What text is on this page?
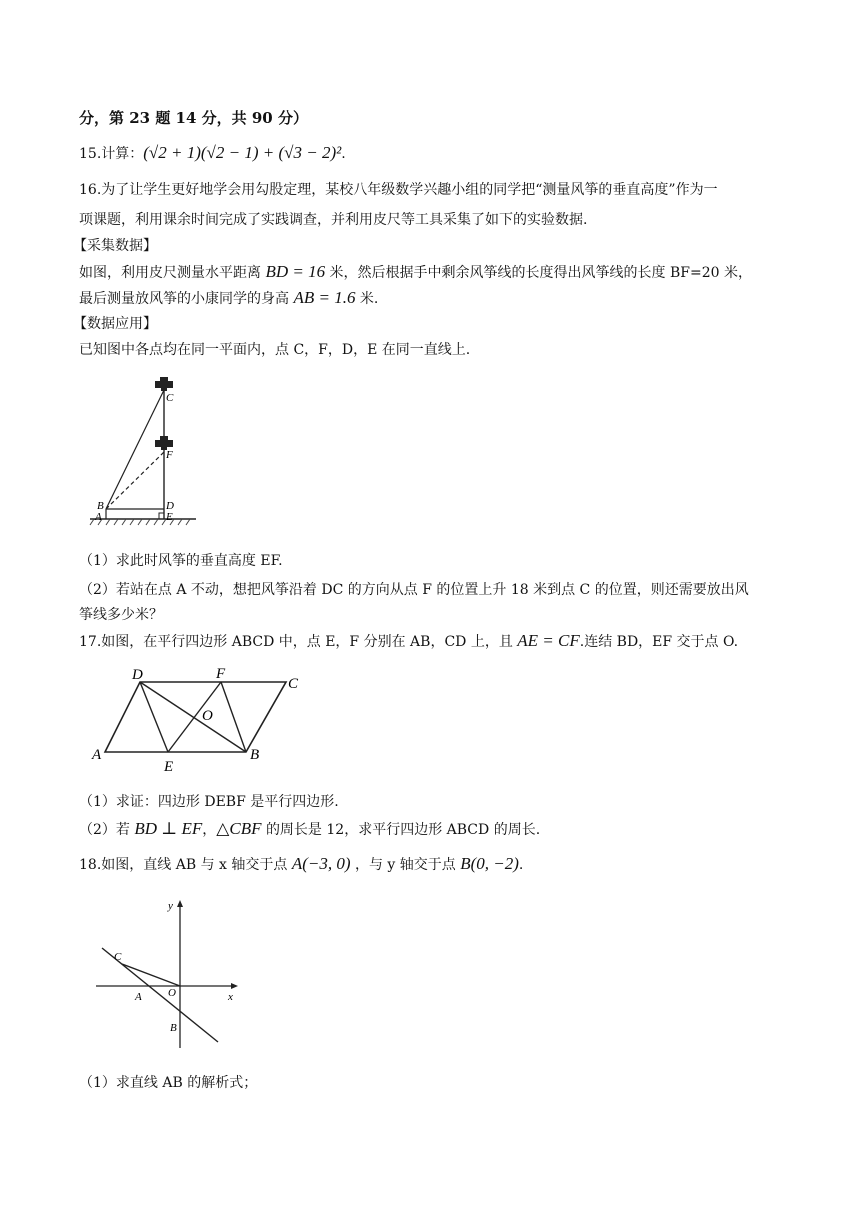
分，第 23 题 14 分，共 90 分）
15.计算：(√2 + 1)(√2 − 1) + (√3 − 2)².
16.为了让学生更好地学会用勾股定理，某校八年级数学兴趣小组的同学把“测量风筝的垂直高度”作为一
项课题，利用课余时间完成了实践调查，并利用皮尺等工具采集了如下的实验数据.
【采集数据】
如图，利用皮尺测量水平距离 BD = 16 米，然后根据手中剩余风筝线的长度得出风筝线的长度 BF=20 米，
最后测量放风筝的小康同学的身高 AB = 1.6 米.
【数据应用】
已知图中各点均在同一平面内，点 C，F，D，E 在同一直线上.
C
F
B	D
A	E
（1）求此时风筝的垂直高度 EF.
（2）若站在点 A 不动，想把风筝沿着 DC 的方向从点 F 的位置上升 18 米到点 C 的位置，则还需要放出风
筝线多少米？
17.如图，在平行四边形 ABCD 中，点 E，F 分别在 AB，CD 上，且 AE = CF.连结 BD，EF 交于点 O.
D	F
C
O
A
E
B
（1）求证：四边形 DEBF 是平行四边形.
（2）若 BD ⊥ EF，△CBF 的周长是 12，求平行四边形 ABCD 的周长.
18.如图，直线 AB 与 x 轴交于点 A(−3, 0) ，与 y 轴交于点 B(0, −2).
y
x
C
A O
B
（1）求直线 AB 的解析式；
